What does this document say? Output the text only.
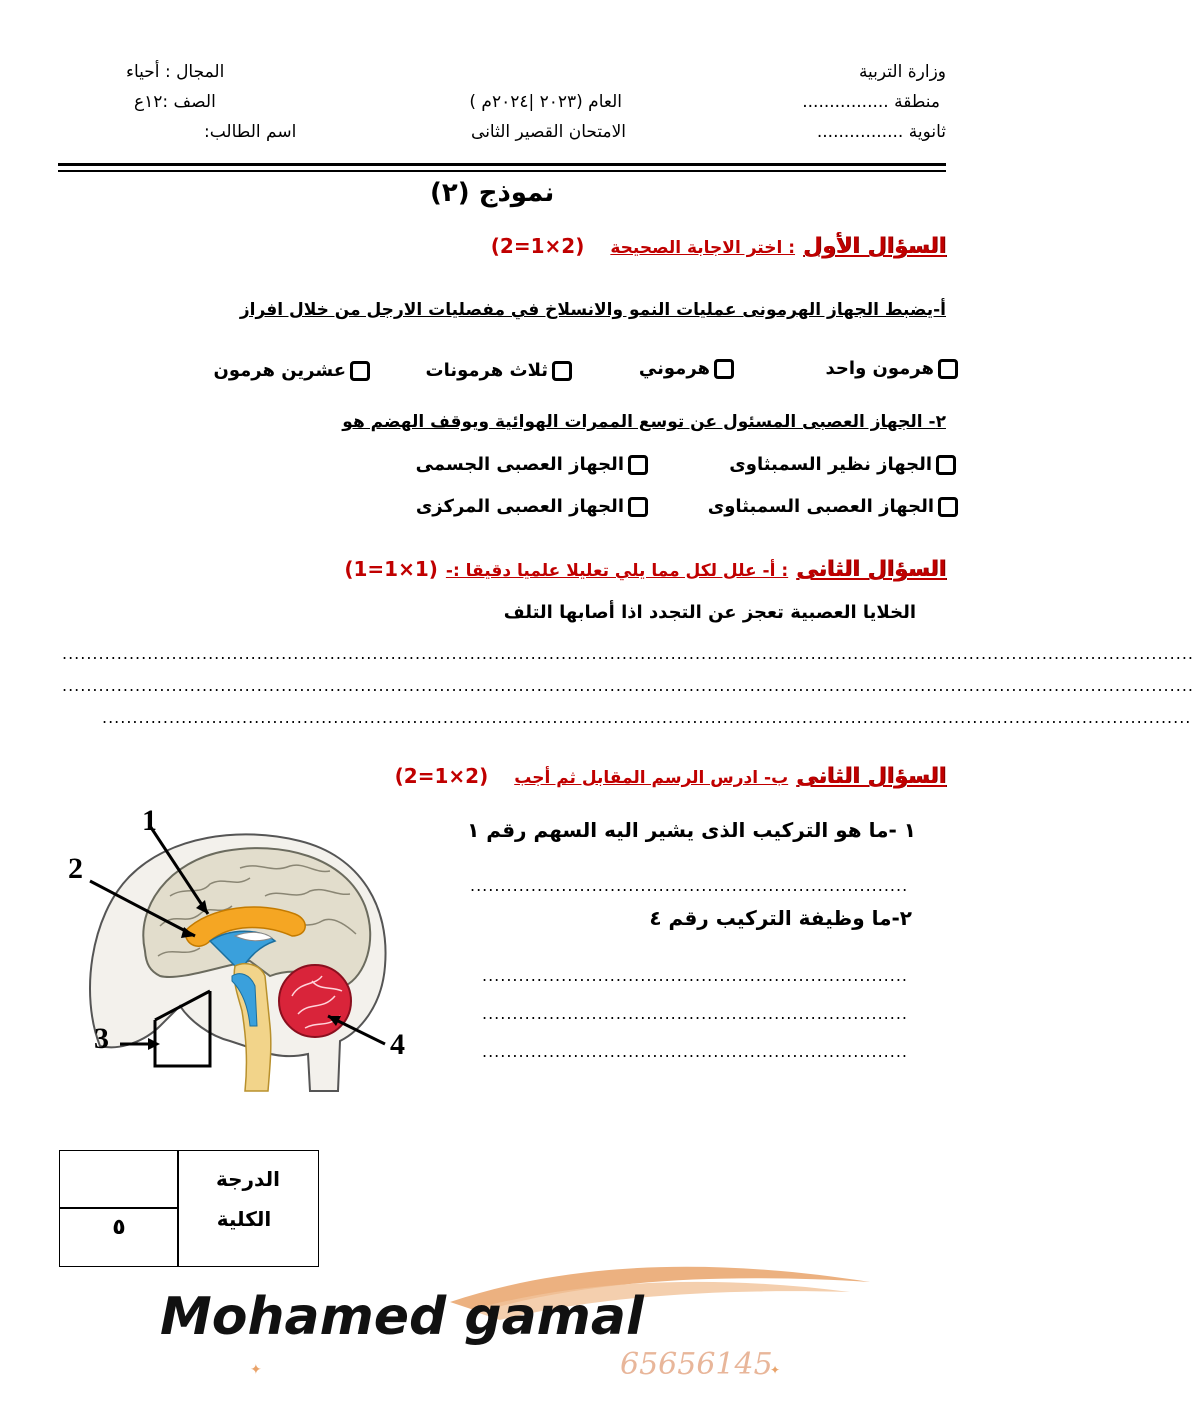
وزارة التربية
منطقة ................
ثانوية ................
العام (٢٠٢٣ |٢٠٢٤م )
الامتحان القصير الثانى
المجال : أحياء
الصف :١٢ع
اسم الطالب:
نموذج (٢)
السؤال الأول
: اختر الاجابة الصحيحة
(2×1=2)
أ-يضبط الجهاز الهرمونى عمليات النمو والانسلاخ في مفصليات الارجل من خلال افراز
هرمون واحد
هرموني
ثلاث هرمونات
عشرين هرمون
٢- الجهاز العصبى المسئول عن توسع الممرات الهوائية ويوقف الهضم هو
الجهاز نظير السمبثاوى
الجهاز العصبى الجسمى
الجهاز العصبى السمبثاوى
الجهاز العصبى المركزى
السؤال الثانى
: أ- علل لكل مما يلي تعليلا علميا دقيقا :-
(1×1=1)
الخلايا العصبية تعجز عن التجدد اذا أصابها التلف
..........................................................................................................................................................................................
..........................................................................................................................................................................................
...................................................................................................................................................................................
السؤال الثانى
ب- ادرس الرسم المقابل ثم أجب
(2×1=2)
١ -ما هو التركيب الذى يشير اليه السهم رقم ١
........................................................................
٢-ما وظيفة التركيب رقم ٤
......................................................................
......................................................................
......................................................................
1
2
3	4
الدرجة
الكلية
٥
Mohamed gamal
65656145
✦	✦
